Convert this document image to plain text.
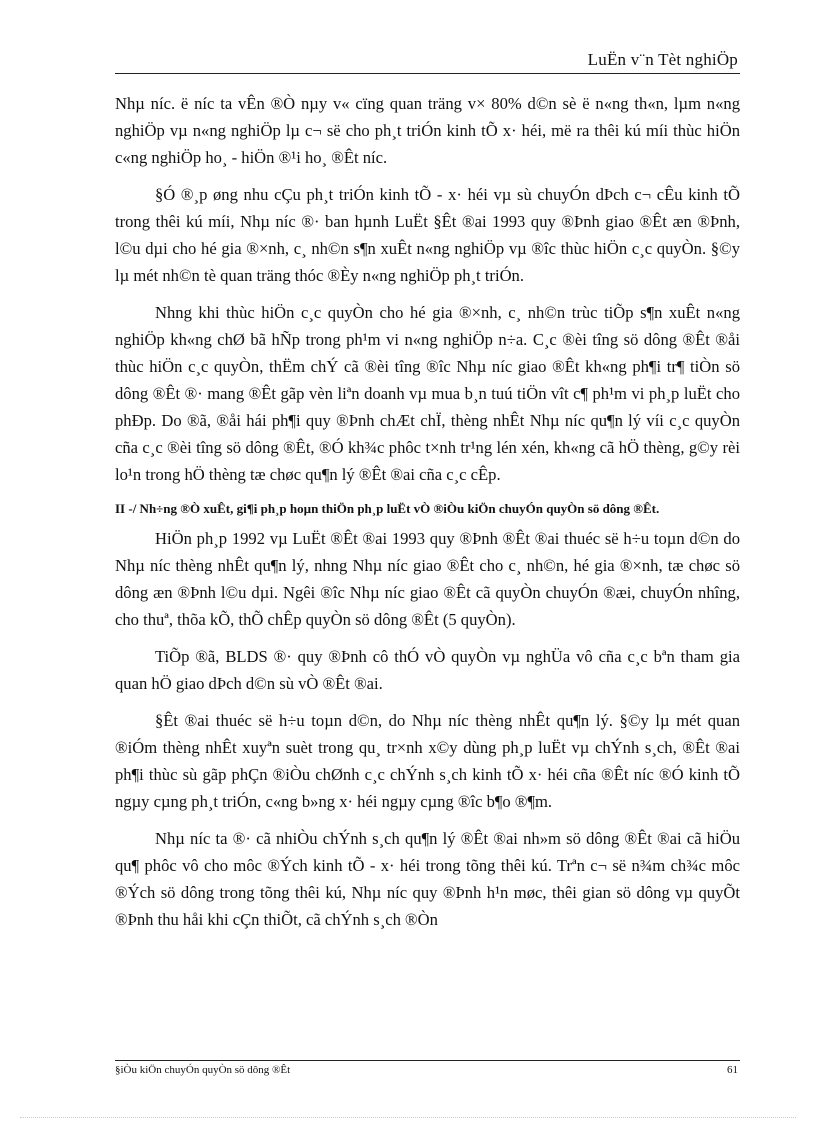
LuËn v¨n Tèt nghiÖp

Nhµ níc. ë níc ta vÊn ®Ò nµy v« cïng quan träng v× 80% d©n sè ë n«ng th«n, lµm n«ng nghiÖp vµ n«ng nghiÖp lµ c¬ së cho ph¸t triÓn kinh tÕ x· héi, më ra thêi kú míi thùc hiÖn c«ng nghiÖp ho¸ - hiÖn ®¹i ho¸ ®Êt níc.

§Ó ®¸p øng nhu cÇu ph¸t triÓn kinh tÕ - x· héi vµ sù chuyÓn dÞch c¬ cÊu kinh tÕ trong thêi kú míi, Nhµ níc ®· ban hµnh LuËt §Êt ®ai 1993 quy ®Þnh giao ®Êt æn ®Þnh, l©u dµi cho hé gia ®×nh, c¸ nh©n s¶n xuÊt n«ng nghiÖp vµ ®îc thùc hiÖn c¸c quyÒn. §©y lµ mét nh©n tè quan träng thóc ®Èy n«ng nghiÖp ph¸t triÓn.

Nhng khi thùc hiÖn c¸c quyÒn cho hé gia ®×nh, c¸ nh©n trùc tiÕp s¶n xuÊt n«ng nghiÖp kh«ng chØ bã hÑp trong ph¹m vi n«ng nghiÖp n÷a. C¸c ®èi tîng sö dông ®Êt ®åi thùc hiÖn c¸c quyÒn, thËm chÝ cã ®èi tîng ®îc Nhµ níc giao ®Êt kh«ng ph¶i tr¶ tiÒn sö dông ®Êt ®· mang ®Êt gãp vèn liªn doanh vµ mua b¸n tuú tiÖn vît c¶ ph¹m vi ph¸p luËt cho phÐp. Do ®ã, ®åi hái ph¶i quy ®Þnh chÆt chÏ, thèng nhÊt Nhµ níc qu¶n lý víi c¸c quyÒn cña c¸c ®èi tîng sö dông ®Êt, ®Ó kh¾c phôc t×nh tr¹ng lén xén, kh«ng cã hÖ thèng, g©y rèi lo¹n trong hÖ thèng tæ chøc qu¶n lý ®Êt ®ai cña c¸c cÊp.

II -/ Nh÷ng ®Ò xuÊt, gi¶i ph¸p hoµn thiÖn ph¸p luËt vÒ ®iÒu kiÖn chuyÓn quyÒn sö dông ®Êt.

HiÖn ph¸p 1992 vµ LuËt ®Êt ®ai 1993 quy ®Þnh ®Êt ®ai thuéc së h÷u toµn d©n do Nhµ níc thèng nhÊt qu¶n lý, nhng Nhµ níc giao ®Êt cho c¸ nh©n, hé gia ®×nh, tæ chøc sö dông æn ®Þnh l©u dµi. Ngêi ®îc Nhµ níc giao ®Êt cã quyÒn chuyÓn ®æi, chuyÓn nhîng, cho thuª, thõa kÕ, thÕ chÊp quyÒn sö dông ®Êt (5 quyÒn).

TiÕp ®ã, BLDS ®· quy ®Þnh cô thÓ vÒ quyÒn vµ nghÜa vô cña c¸c bªn tham gia quan hÖ giao dÞch d©n sù vÒ ®Êt ®ai.

§Êt ®ai thuéc së h÷u toµn d©n, do Nhµ níc thèng nhÊt qu¶n lý. §©y lµ mét quan ®iÓm thèng nhÊt xuyªn suèt trong qu¸ tr×nh x©y dùng ph¸p luËt vµ chÝnh s¸ch, ®Êt ®ai ph¶i thùc sù gãp phÇn ®iÒu chØnh c¸c chÝnh s¸ch kinh tÕ x· héi cña ®Êt níc ®Ó kinh tÕ ngµy cµng ph¸t triÓn, c«ng b»ng x· héi ngµy cµng ®îc b¶o ®¶m.

Nhµ níc ta ®· cã nhiÒu chÝnh s¸ch qu¶n lý ®Êt ®ai nh»m sö dông ®Êt ®ai cã hiÖu qu¶ phôc vô cho môc ®Ých kinh tÕ - x· héi trong tõng thêi kú. Trªn c¬ së n¾m ch¾c môc ®Ých sö dông trong tõng thêi kú, Nhµ níc quy ®Þnh h¹n møc, thêi gian sö dông vµ quyÕt ®Þnh thu håi khi cÇn thiÕt, cã chÝnh s¸ch ®Òn

§iÒu kiÖn chuyÓn quyÒn sö dông ®Êt	61
